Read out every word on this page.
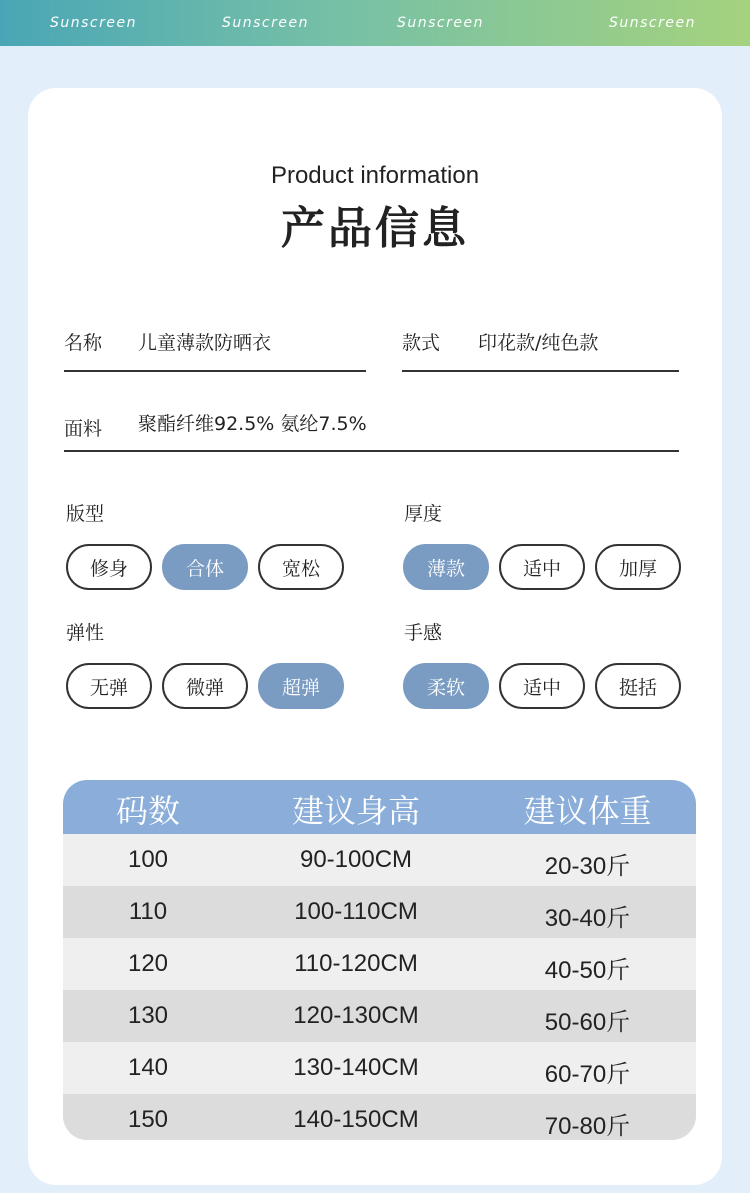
Sunscreen	Sunscreen	Sunscreen	Sunscreen
Product information
产品信息
名称 儿童薄款防晒衣	款式 印花款/纯色款
面料 聚酯纤维92.5% 氨纶7.5%
版型
修身	合体	宽松
厚度
薄款	适中	加厚
弹性
无弹	微弹	超弹
手感
柔软	适中	挺括
码数	建议身高	建议体重
100	90-100CM	20-30斤
110	100-110CM	30-40斤
120	110-120CM	40-50斤
130	120-130CM	50-60斤
140	130-140CM	60-70斤
150	140-150CM	70-80斤
